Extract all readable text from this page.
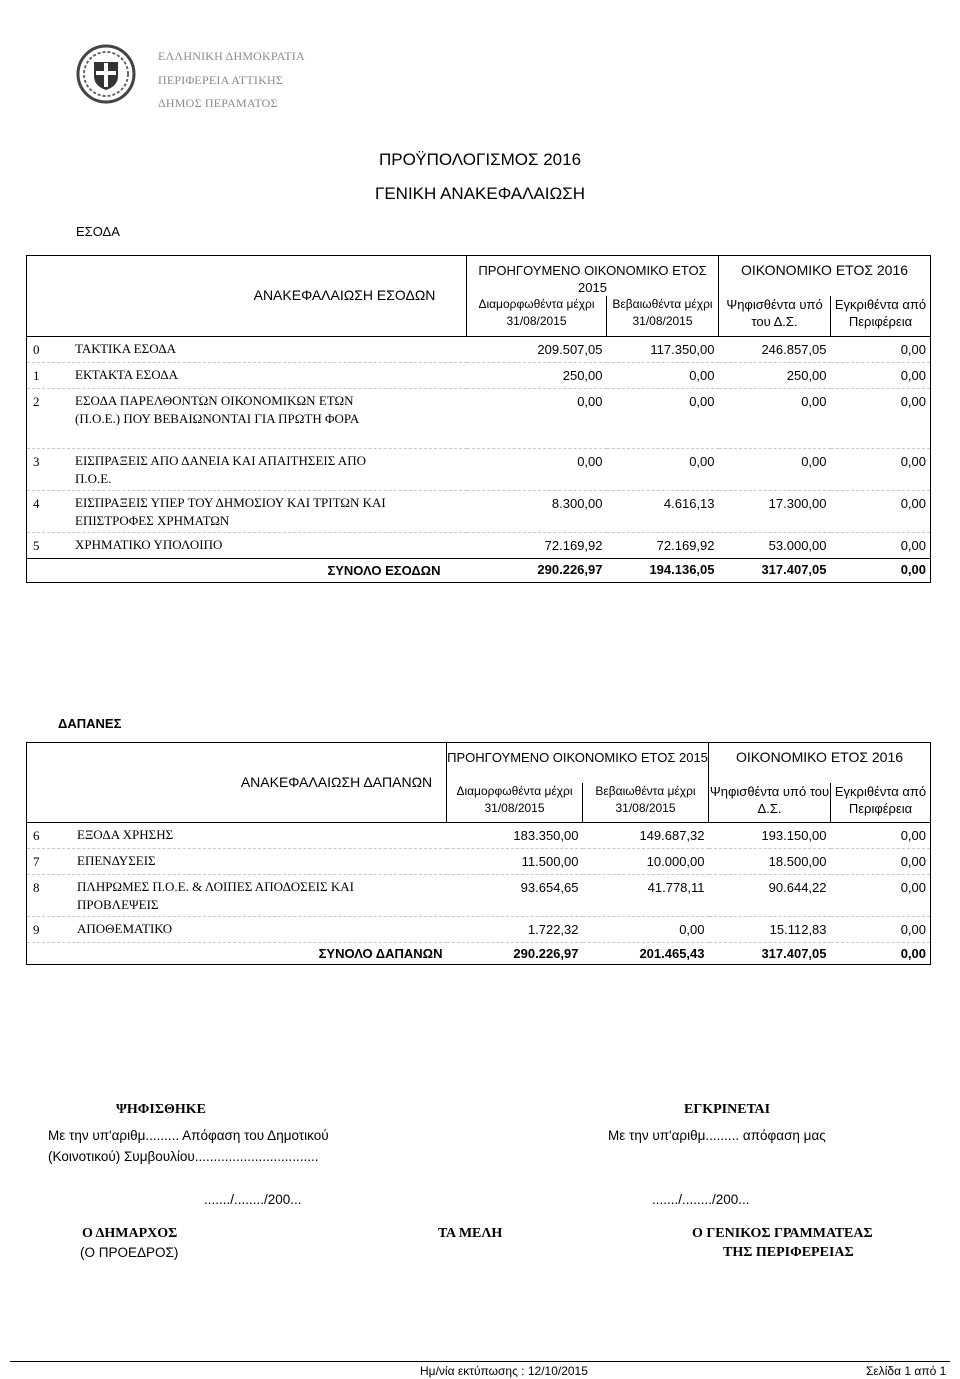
ΕΛΛΗΝΙΚΗ ΔΗΜΟΚΡΑΤΙΑ
ΠΕΡΙΦΕΡΕΙΑ ΑΤΤΙΚΗΣ
ΔΗΜΟΣ ΠΕΡΑΜΑΤΟΣ
ΠΡΟΫΠΟΛΟΓΙΣΜΟΣ 2016
ΓΕΝΙΚΗ ΑΝΑΚΕΦΑΛΑΙΩΣΗ
ΕΣΟΔΑ
ΑΝΑΚΕΦΑΛΑΙΩΣΗ ΕΣΟΔΩΝ	ΠΡΟΗΓΟΥΜΕΝΟ ΟΙΚΟΝΟΜΙΚΟ ΕΤΟΣ 2015		ΟΙΚΟΝΟΜΙΚΟ ΕΤΟΣ 2016	
	Διαμορφωθέντα μέχρι 31/08/2015	Βεβαιωθέντα μέχρι 31/08/2015	Ψηφισθέντα υπό του Δ.Σ.	Εγκριθέντα από Περιφέρεια

0 ΤΑΚΤΙΚΑ ΕΣΟΔΑ	209.507,05	117.350,00	246.857,05	0,00

1 ΕΚΤΑΚΤΑ ΕΣΟΔΑ	250,00	0,00	250,00	0,00

2 ΕΣΟΔΑ ΠΑΡΕΛΘΟΝΤΩΝ ΟΙΚΟΝΟΜΙΚΩΝ ΕΤΩΝ (Π.Ο.Ε.) ΠΟΥ ΒΕΒΑΙΩΝΟΝΤΑΙ ΓΙΑ ΠΡΩΤΗ ΦΟΡΑ	0,00	0,00	0,00	0,00

3 ΕΙΣΠΡΑΞΕΙΣ ΑΠΟ ΔΑΝΕΙΑ ΚΑΙ ΑΠΑΙΤΗΣΕΙΣ ΑΠΟ Π.Ο.Ε.	0,00	0,00	0,00	0,00

4 ΕΙΣΠΡΑΞΕΙΣ ΥΠΕΡ ΤΟΥ ΔΗΜΟΣΙΟΥ ΚΑΙ ΤΡΙΤΩΝ ΚΑΙ ΕΠΙΣΤΡΟΦΕΣ ΧΡΗΜΑΤΩΝ	8.300,00	4.616,13	17.300,00	0,00

5 ΧΡΗΜΑΤΙΚΟ ΥΠΟΛΟΙΠΟ	72.169,92	72.169,92	53.000,00	0,00
ΣΥΝΟΛΟ ΕΣΟΔΩΝ	290.226,97	194.136,05	317.407,05	0,00
ΔΑΠΑΝΕΣ
ΑΝΑΚΕΦΑΛΑΙΩΣΗ ΔΑΠΑΝΩΝ	ΠΡΟΗΓΟΥΜΕΝΟ ΟΙΚΟΝΟΜΙΚΟ ΕΤΟΣ 2015		ΟΙΚΟΝΟΜΙΚΟ ΕΤΟΣ 2016	
	Διαμορφωθέντα μέχρι 31/08/2015	Βεβαιωθέντα μέχρι 31/08/2015	Ψηφισθέντα υπό του Δ.Σ.	Εγκριθέντα από Περιφέρεια

6 ΕΞΟΔΑ ΧΡΗΣΗΣ	183.350,00	149.687,32	193.150,00	0,00

7 ΕΠΕΝΔΥΣΕΙΣ	11.500,00	10.000,00	18.500,00	0,00

8 ΠΛΗΡΩΜΕΣ Π.Ο.Ε. & ΛΟΙΠΕΣ ΑΠΟΔΟΣΕΙΣ ΚΑΙ ΠΡΟΒΛΕΨΕΙΣ	93.654,65	41.778,11	90.644,22	0,00

9 ΑΠΟΘΕΜΑΤΙΚΟ	1.722,32	0,00	15.112,83	0,00
ΣΥΝΟΛΟ ΔΑΠΑΝΩΝ	290.226,97	201.465,43	317.407,05	0,00
ΨΗΦΙΣΘΗΚΕ
Με την υπ'αριθμ......... Απόφαση του Δημοτικού
(Κοινοτικού) Συμβουλίου.................................
......./......../200...
ΕΓΚΡΙΝΕΤΑΙ
Με την υπ'αριθμ......... απόφαση μας
......./......../200...
Ο ΔΗΜΑΡΧΟΣ
(Ο ΠΡΟΕΔΡΟΣ)
ΤΑ ΜΕΛΗ	Ο ΓΕΝΙΚΟΣ ΓΡΑΜΜΑΤΕΑΣ
ΤΗΣ ΠΕΡΙΦΕΡΕΙΑΣ
Ημ/νία εκτύπωσης : 12/10/2015	Σελίδα 1 από 1
